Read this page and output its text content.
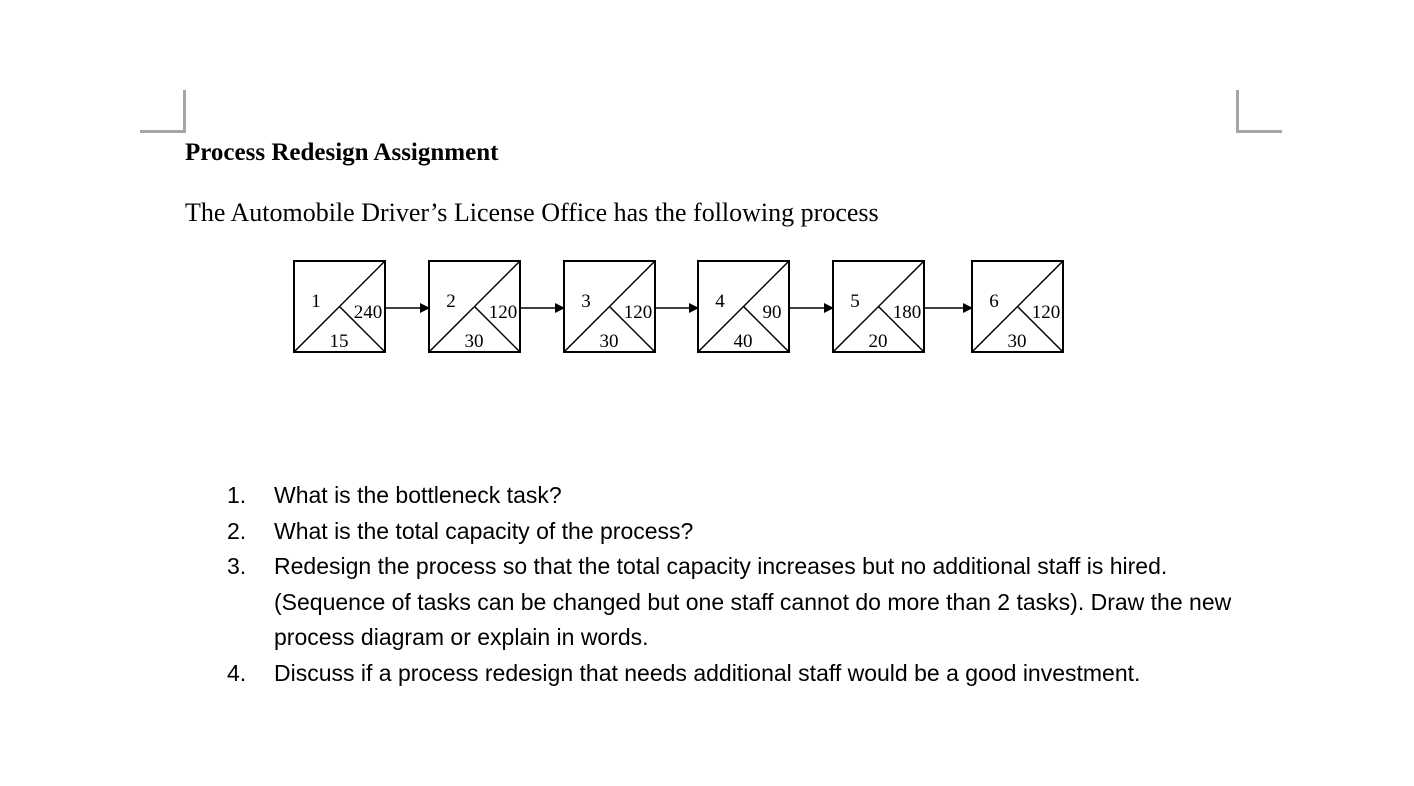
Process Redesign Assignment
The Automobile Driver’s License Office has the following process
1
240
15
2
120
30
3
120
30
4
90
40
5
180
20
6
120
30
1. What is the bottleneck task?
2. What is the total capacity of the process?
3. Redesign the process so that the total capacity increases but no additional staff is hired. (Sequence of tasks can be changed but one staff cannot do more than 2 tasks). Draw the new process diagram or explain in words.
4. Discuss if a process redesign that needs additional staff would be a good investment.
